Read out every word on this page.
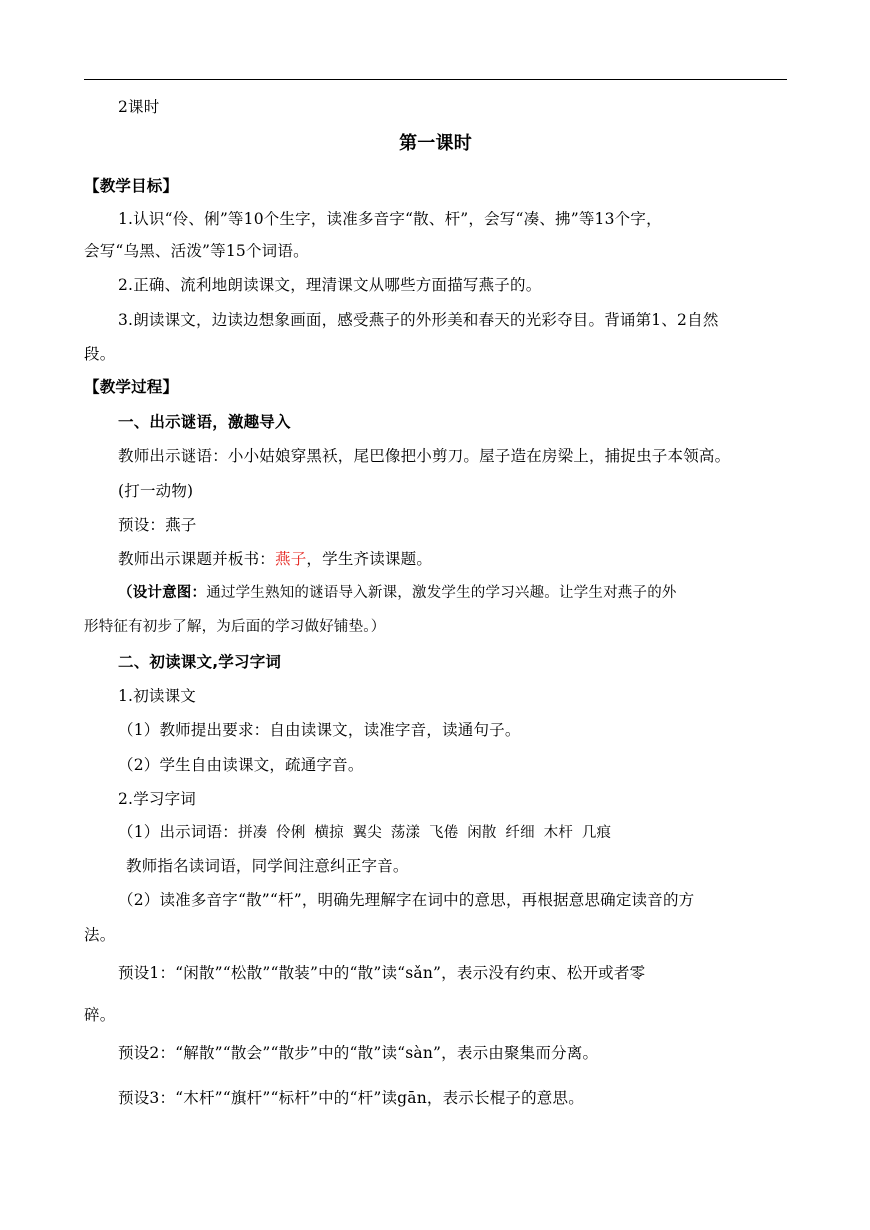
2课时
第一课时
【教学目标】
1.认识“伶、俐”等10个生字，读准多音字“散、杆”，会写“凑、拂”等13个字，
会写“乌黑、活泼”等15个词语。
2.正确、流利地朗读课文，理清课文从哪些方面描写燕子的。
3.朗读课文，边读边想象画面，感受燕子的外形美和春天的光彩夺目。背诵第1、2自然
段。
【教学过程】
一、出示谜语，激趣导入
教师出示谜语：小小姑娘穿黑袄，尾巴像把小剪刀。屋子造在房梁上，捕捉虫子本领高。
(打一动物)
预设：燕子
教师出示课题并板书：燕子，学生齐读课题。
（设计意图：通过学生熟知的谜语导入新课，激发学生的学习兴趣。让学生对燕子的外
形特征有初步了解，为后面的学习做好铺垫。）
二、初读课文,学习字词
1.初读课文
（1）教师提出要求：自由读课文，读准字音，读通句子。
（2）学生自由读课文，疏通字音。
2.学习字词
（1）出示词语：拼凑 伶俐 横掠 翼尖 荡漾 飞倦 闲散 纤细 木杆 几痕
教师指名读词语，同学间注意纠正字音。
（2）读准多音字“散”“杆”，明确先理解字在词中的意思，再根据意思确定读音的方
法。
预设1：“闲散”“松散”“散装”中的“散”读“sǎn”，表示没有约束、松开或者零
碎。
预设2：“解散”“散会”“散步”中的“散”读“sàn”，表示由聚集而分离。
预设3：“木杆”“旗杆”“标杆”中的“杆”读gān，表示长棍子的意思。
